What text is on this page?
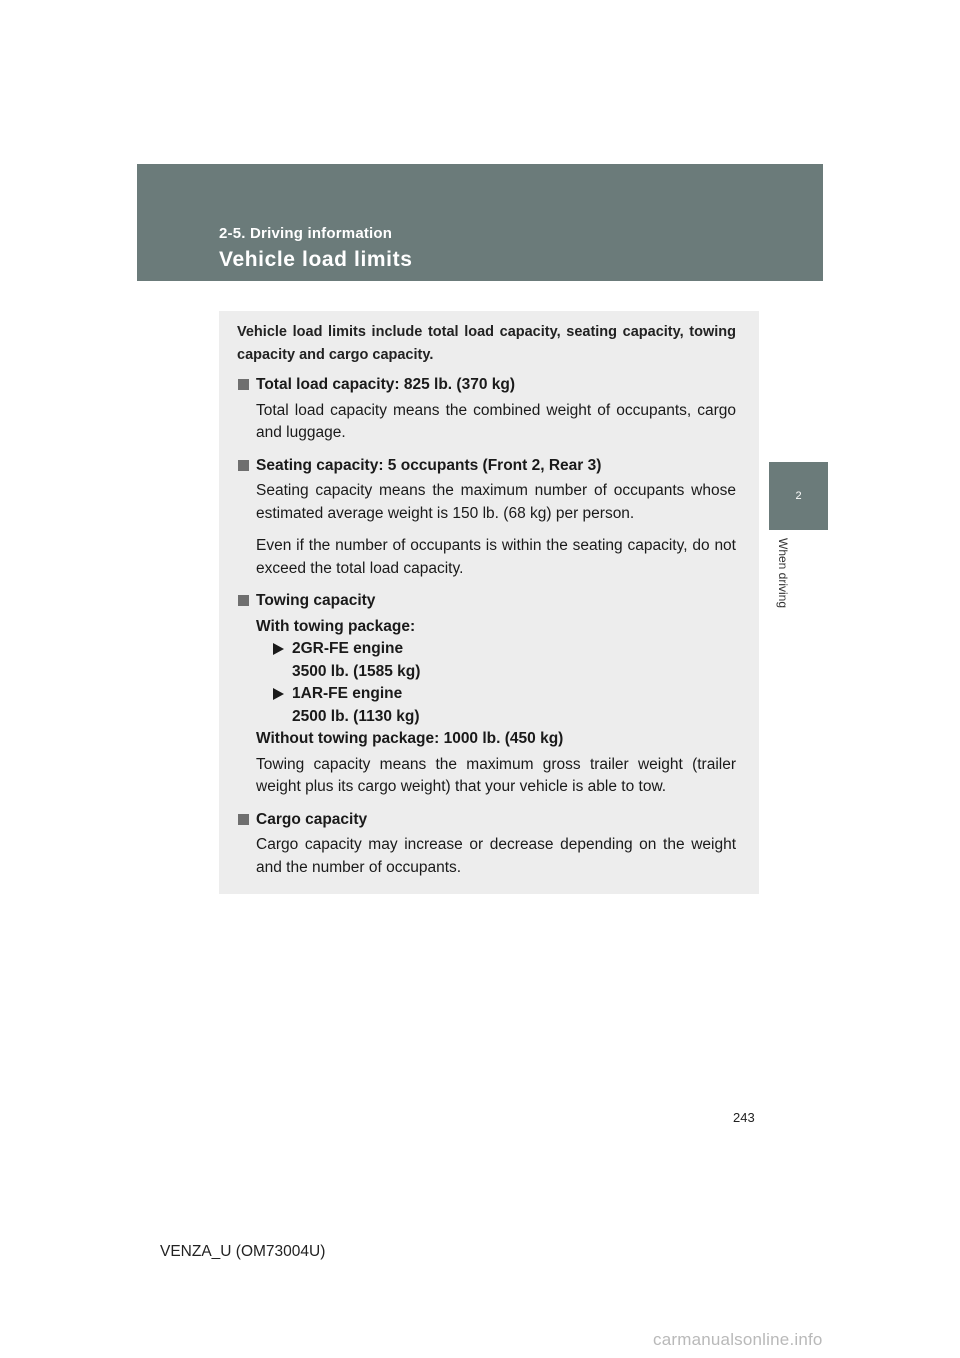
2-5. Driving information
Vehicle load limits
2
When driving

Vehicle load limits include total load capacity, seating capacity, towing capacity and cargo capacity.

Total load capacity: 825 lb. (370 kg)
Total load capacity means the combined weight of occupants, cargo and luggage.
Seating capacity: 5 occupants (Front 2, Rear 3)

Seating capacity means the maximum number of occupants whose estimated average weight is 150 lb. (68 kg) per person.

Even if the number of occupants is within the seating capacity, do not exceed the total load capacity.

Towing capacity
With towing package:
2GR-FE engine
3500 lb. (1585 kg)
1AR-FE engine
2500 lb. (1130 kg)
Without towing package: 1000 lb. (450 kg)
Towing capacity means the maximum gross trailer weight (trailer weight plus its cargo weight) that your vehicle is able to tow.
Cargo capacity
Cargo capacity may increase or decrease depending on the weight and the number of occupants.
243
VENZA_U (OM73004U)
carmanualsonline.info
